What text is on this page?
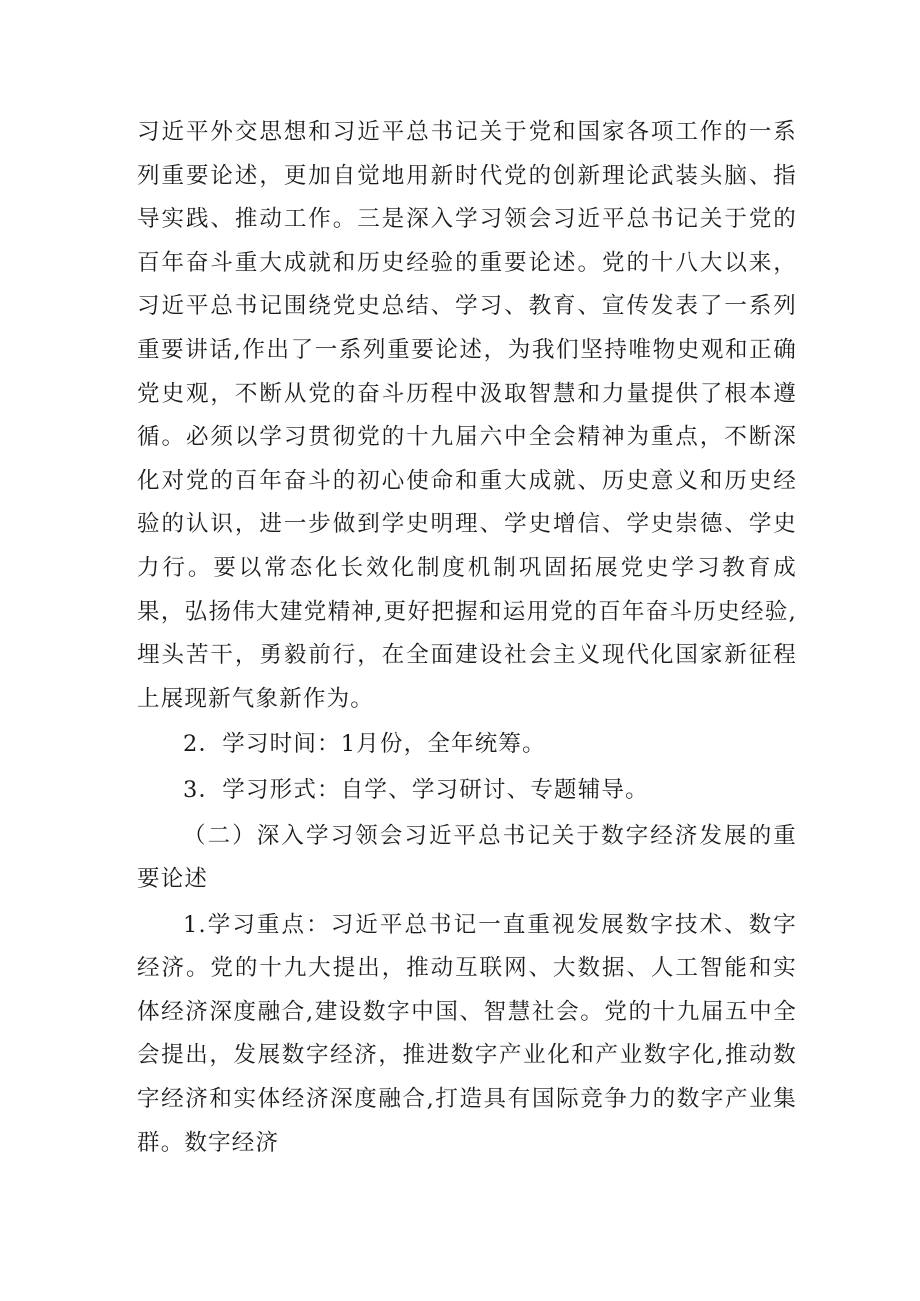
习近平外交思想和习近平总书记关于党和国家各项工作的一系列重要论述，更加自觉地用新时代党的创新理论武装头脑、指导实践、推动工作。三是深入学习领会习近平总书记关于党的百年奋斗重大成就和历史经验的重要论述。党的十八大以来，习近平总书记围绕党史总结、学习、教育、宣传发表了一系列重要讲话,作出了一系列重要论述，为我们坚持唯物史观和正确党史观，不断从党的奋斗历程中汲取智慧和力量提供了根本遵循。必须以学习贯彻党的十九届六中全会精神为重点，不断深化对党的百年奋斗的初心使命和重大成就、历史意义和历史经验的认识，进一步做到学史明理、学史增信、学史崇德、学史力行。要以常态化长效化制度机制巩固拓展党史学习教育成果，弘扬伟大建党精神,更好把握和运用党的百年奋斗历史经验,埋头苦干，勇毅前行，在全面建设社会主义现代化国家新征程上展现新气象新作为。

2．学习时间：1月份，全年统筹。

3．学习形式：自学、学习研讨、专题辅导。

（二）深入学习领会习近平总书记关于数字经济发展的重要论述

1.学习重点：习近平总书记一直重视发展数字技术、数字经济。党的十九大提出，推动互联网、大数据、人工智能和实体经济深度融合,建设数字中国、智慧社会。党的十九届五中全会提出，发展数字经济，推进数字产业化和产业数字化,推动数字经济和实体经济深度融合,打造具有国际竞争力的数字产业集群。数字经济
